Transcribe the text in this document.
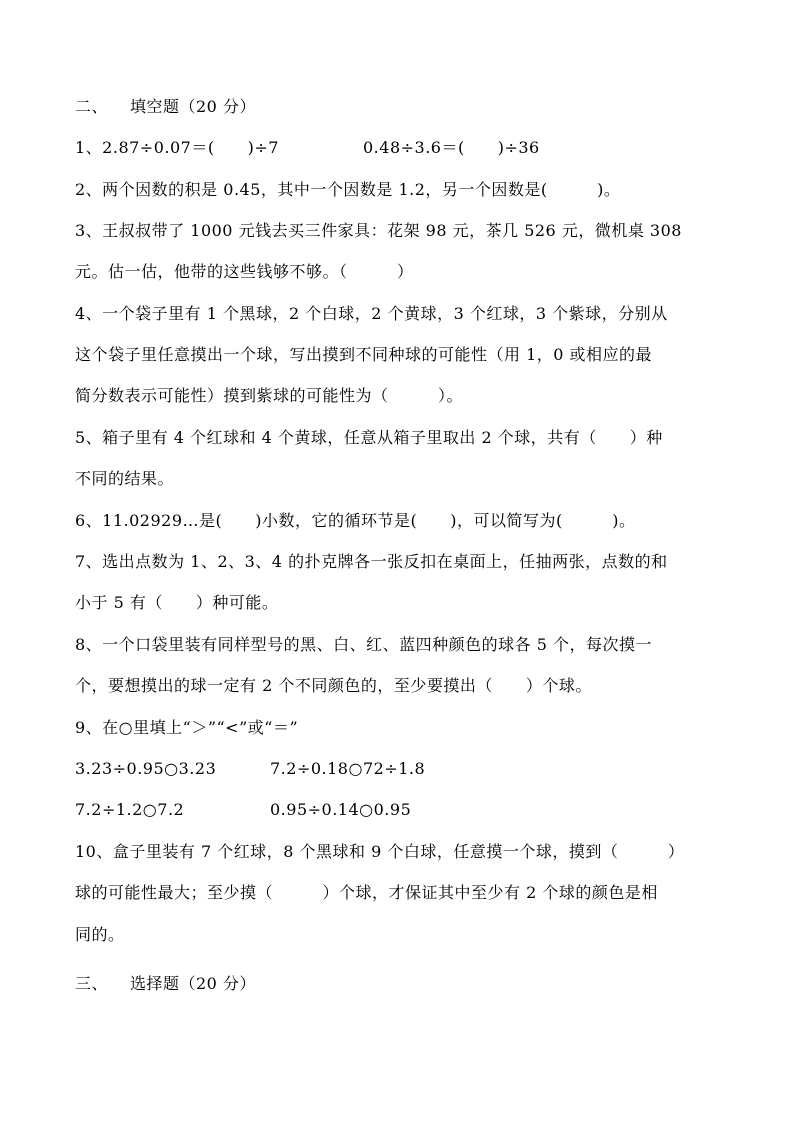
二、

填空题（20 分）

1、2.87÷0.07＝(　　)÷7

	0.48÷3.6＝(　　)÷36

2、两个因数的积是 0.45，其中一个因数是 1.2，另一个因数是(　　　)。
3、王叔叔带了 1000 元钱去买三件家具：花架 98 元，茶几 526 元，微机桌 308
元。估一估，他带的这些钱够不够。（　　　）
4、一个袋子里有 1 个黑球，2 个白球，2 个黄球，3 个红球，3 个紫球，分别从
这个袋子里任意摸出一个球，写出摸到不同种球的可能性（用 1，0 或相应的最
简分数表示可能性）摸到紫球的可能性为（　　　）。
5、箱子里有 4 个红球和 4 个黄球，任意从箱子里取出 2 个球，共有（　　）种
不同的结果。
6、11.02929…是(　　)小数，它的循环节是(　　)，可以简写为(　　　)。
7、选出点数为 1、2、3、4 的扑克牌各一张反扣在桌面上，任抽两张，点数的和
小于 5 有（　　）种可能。
8、一个口袋里装有同样型号的黑、白、红、蓝四种颜色的球各 5 个，每次摸一
个，要想摸出的球一定有 2 个不同颜色的，至少要摸出（　　）个球。
9、在○里填上“＞”“<”或“＝”

3.23÷0.95○3.23

	7.2÷0.18○72÷1.8

7.2÷1.2○7.2

	0.95÷0.14○0.95

10、盒子里装有 7 个红球，8 个黑球和 9 个白球，任意摸一个球，摸到（　　　）
球的可能性最大；至少摸（　　　）个球，才保证其中至少有 2 个球的颜色是相
同的。

三、

选择题（20 分）
